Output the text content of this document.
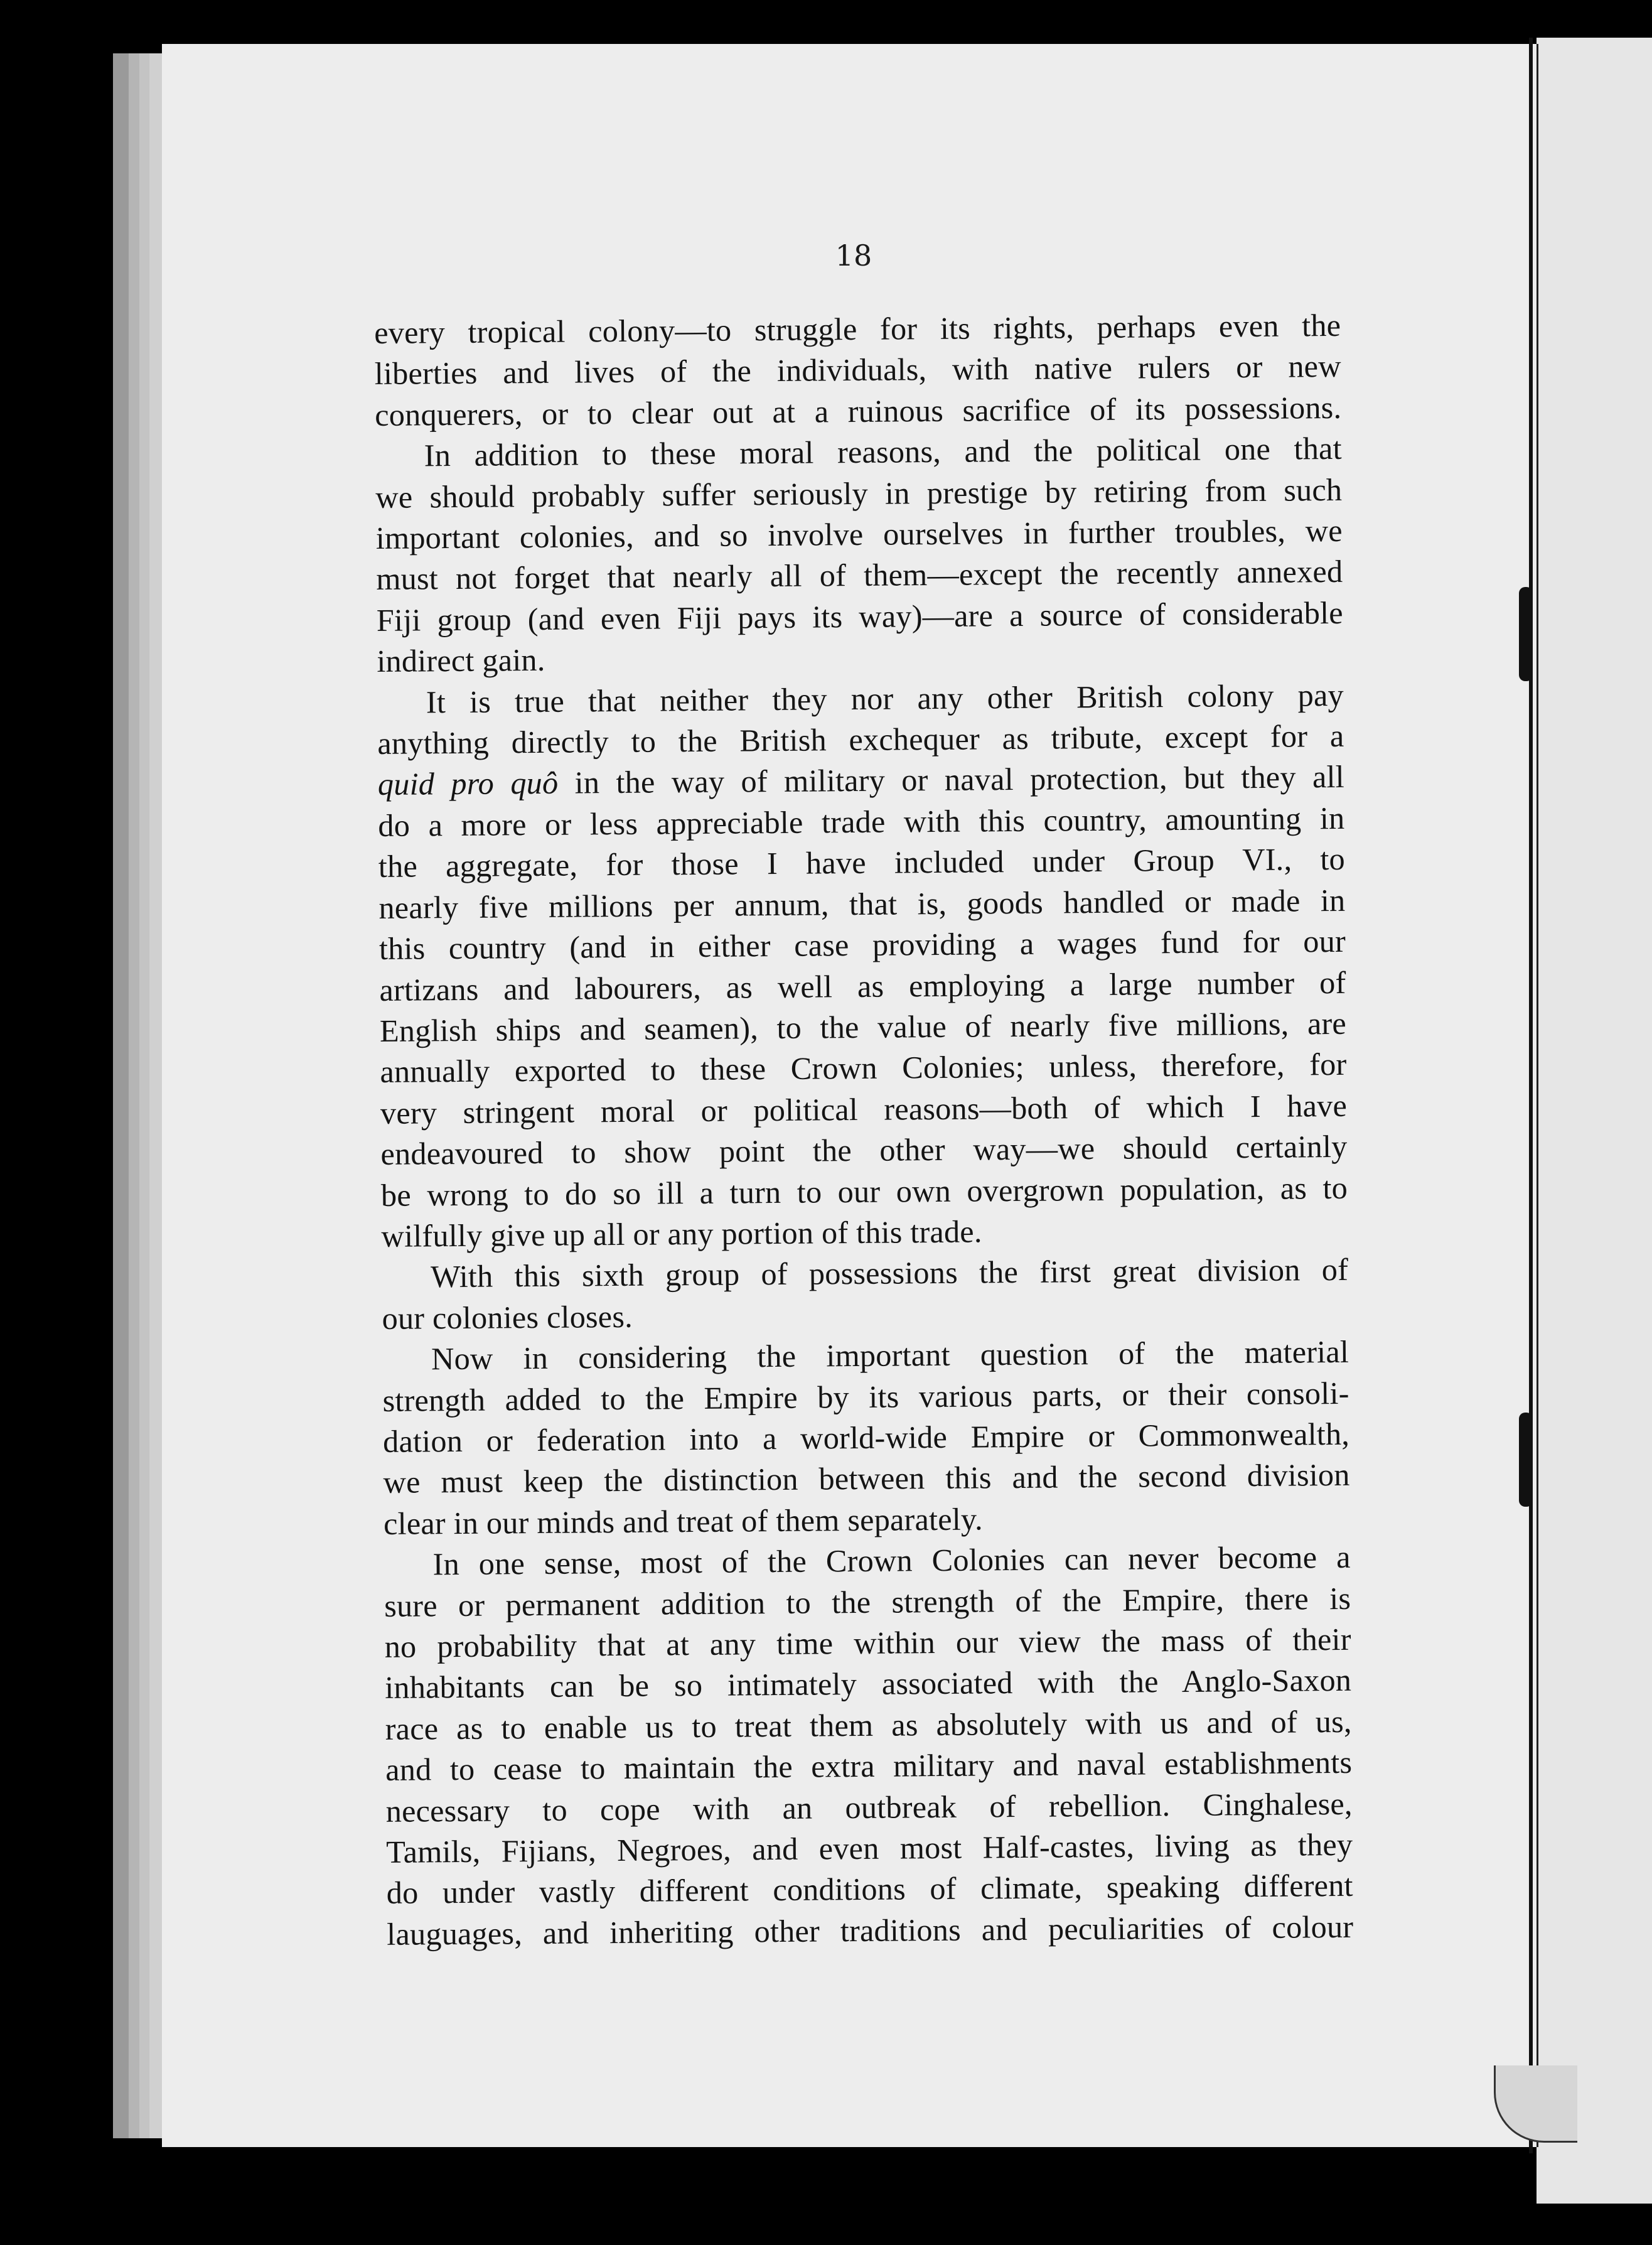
18
every tropical colony—to struggle for its rights, perhaps even the
liberties and lives of the individuals, with native rulers or new
conquerers, or to clear out at a ruinous sacrifice of its possessions.
In addition to these moral reasons, and the political one that
we should probably suffer seriously in prestige by retiring from such
important colonies, and so involve ourselves in further troubles, we
must not forget that nearly all of them—except the recently annexed
Fiji group (and even Fiji pays its way)—are a source of considerable
indirect gain.
It is true that neither they nor any other British colony pay
anything directly to the British exchequer as tribute, except for a
quid pro quô in the way of military or naval protection, but they all
do a more or less appreciable trade with this country, amounting in
the aggregate, for those I have included under Group VI., to
nearly five millions per annum, that is, goods handled or made in
this country (and in either case providing a wages fund for our
artizans and labourers, as well as employing a large number of
English ships and seamen), to the value of nearly five millions, are
annually exported to these Crown Colonies; unless, therefore, for
very stringent moral or political reasons—both of which I have
endeavoured to show point the other way—we should certainly
be wrong to do so ill a turn to our own overgrown population, as to
wilfully give up all or any portion of this trade.
With this sixth group of possessions the first great division of
our colonies closes.
Now in considering the important question of the material
strength added to the Empire by its various parts, or their consoli-
dation or federation into a world-wide Empire or Commonwealth,
we must keep the distinction between this and the second division
clear in our minds and treat of them separately.
In one sense, most of the Crown Colonies can never become a
sure or permanent addition to the strength of the Empire, there is
no probability that at any time within our view the mass of their
inhabitants can be so intimately associated with the Anglo-Saxon
race as to enable us to treat them as absolutely with us and of us,
and to cease to maintain the extra military and naval establishments
necessary to cope with an outbreak of rebellion. Cinghalese,
Tamils, Fijians, Negroes, and even most Half-castes, living as they
do under vastly different conditions of climate, speaking different
lauguages, and inheriting other traditions and peculiarities of colour
